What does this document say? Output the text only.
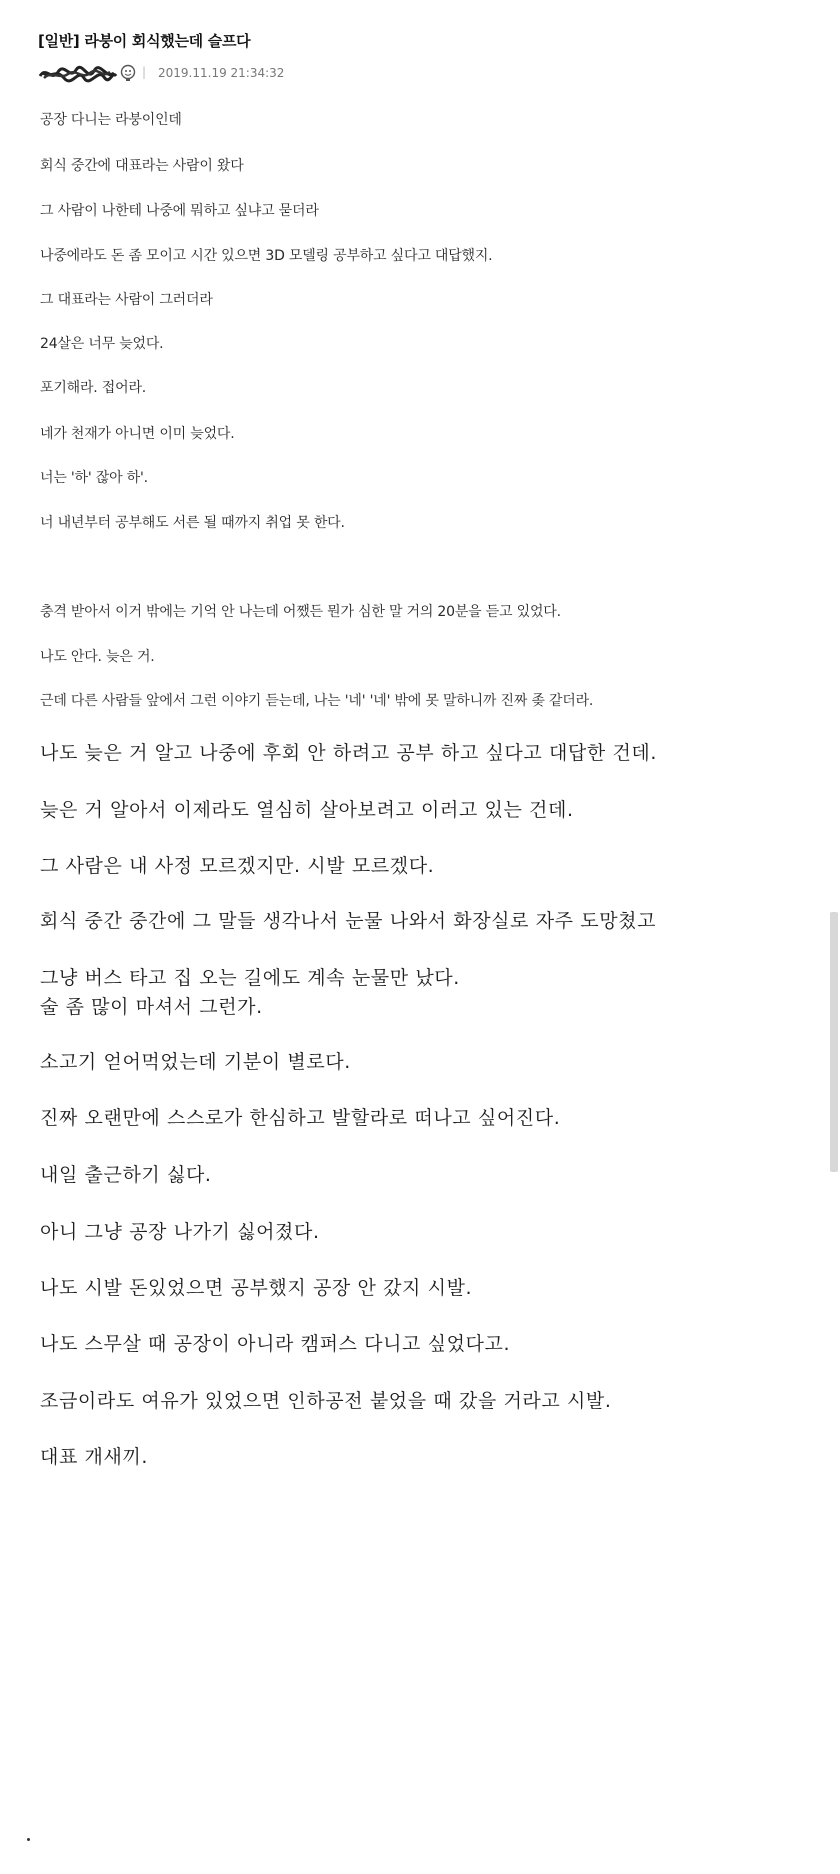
[일반] 라붕이 회식했는데 슬프다
| 2019.11.19 21:34:32
공장 다니는 라붕이인데
회식 중간에 대표라는 사람이 왔다
그 사람이 나한테 나중에 뭐하고 싶냐고 묻더라
나중에라도 돈 좀 모이고 시간 있으면 3D 모델링 공부하고 싶다고 대답했지.
그 대표라는 사람이 그러더라
24살은 너무 늦었다.
포기해라. 접어라.
네가 천재가 아니면 이미 늦었다.
너는 '하' 잖아 하'.
너 내년부터 공부해도 서른 될 때까지 취업 못 한다.
충격 받아서 이거 밖에는 기억 안 나는데 어쨌든 뭔가 심한 말 거의 20분을 듣고 있었다.
나도 안다. 늦은 거.
근데 다른 사람들 앞에서 그런 이야기 듣는데, 나는 '네' '네' 밖에 못 말하니까 진짜 좆 같더라.
나도 늦은 거 알고 나중에 후회 안 하려고 공부 하고 싶다고 대답한 건데.
늦은 거 알아서 이제라도 열심히 살아보려고 이러고 있는 건데.
그 사람은 내 사정 모르겠지만. 시발 모르겠다.
회식 중간 중간에 그 말들 생각나서 눈물 나와서 화장실로 자주 도망쳤고
그냥 버스 타고 집 오는 길에도 계속 눈물만 났다.
술 좀 많이 마셔서 그런가.
소고기 얻어먹었는데 기분이 별로다.
진짜 오랜만에 스스로가 한심하고 발할라로 떠나고 싶어진다.
내일 출근하기 싫다.
아니 그냥 공장 나가기 싫어졌다.
나도 시발 돈있었으면 공부했지 공장 안 갔지 시발.
나도 스무살 때 공장이 아니라 캠퍼스 다니고 싶었다고.
조금이라도 여유가 있었으면 인하공전 붙었을 때 갔을 거라고 시발.
대표 개새끼.
